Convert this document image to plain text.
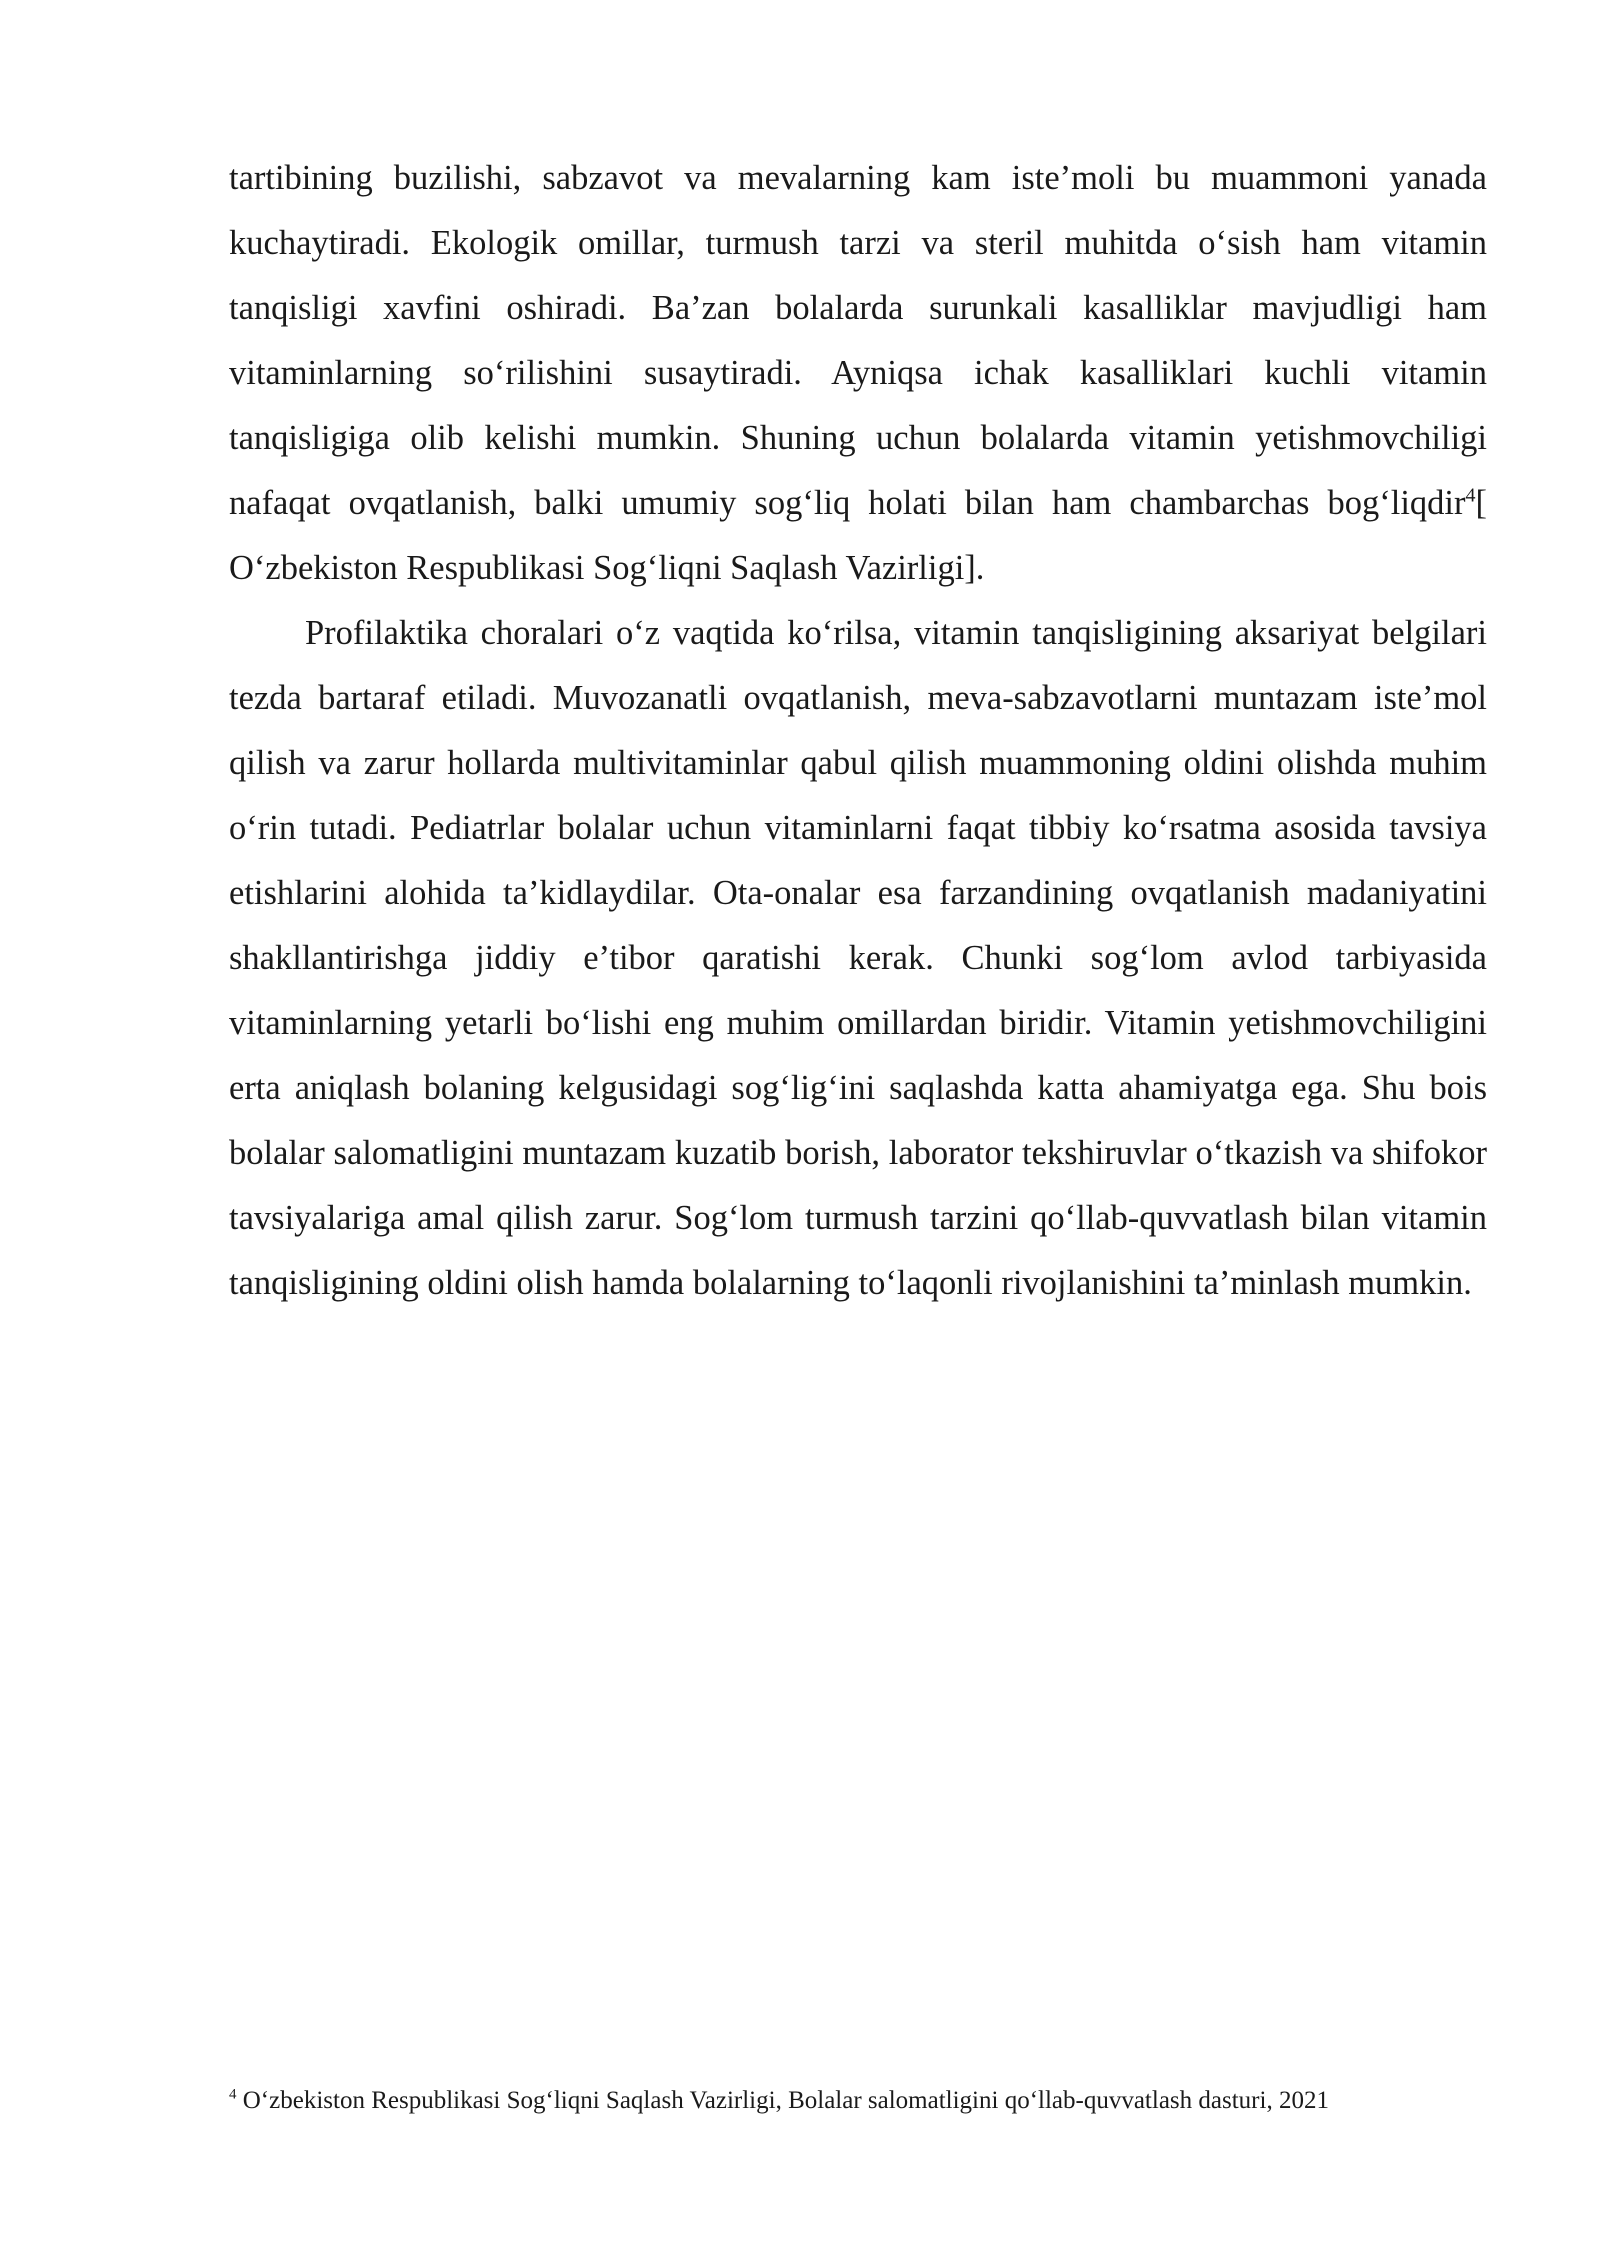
tartibining buzilishi, sabzavot va mevalarning kam iste’moli bu muammoni yanada kuchaytiradi. Ekologik omillar, turmush tarzi va steril muhitda o‘sish ham vitamin tanqisligi xavfini oshiradi. Ba’zan bolalarda surunkali kasalliklar mavjudligi ham vitaminlarning so‘rilishini susaytiradi. Ayniqsa ichak kasalliklari kuchli vitamin tanqisligiga olib kelishi mumkin. Shuning uchun bolalarda vitamin yetishmovchiligi nafaqat ovqatlanish, balki umumiy sog‘liq holati bilan ham chambarchas bog‘liqdir$^4$[ O‘zbekiston Respublikasi Sog‘liqni Saqlash Vazirligi].

Profilaktika choralari o‘z vaqtida ko‘rilsa, vitamin tanqisligining aksariyat belgilari tezda bartaraf etiladi. Muvozanatli ovqatlanish, meva-sabzavotlarni muntazam iste’mol qilish va zarur hollarda multivitaminlar qabul qilish muammoning oldini olishda muhim o‘rin tutadi. Pediatrlar bolalar uchun vitaminlarni faqat tibbiy ko‘rsatma asosida tavsiya etishlarini alohida ta’kidlaydilar. Ota-onalar esa farzandining ovqatlanish madaniyatini shakllantirishga jiddiy e’tibor qaratishi kerak. Chunki sog‘lom avlod tarbiyasida vitaminlarning yetarli bo‘lishi eng muhim omillardan biridir. Vitamin yetishmovchiligini erta aniqlash bolaning kelgusidagi sog‘lig‘ini saqlashda katta ahamiyatga ega. Shu bois bolalar salomatligini muntazam kuzatib borish, laborator tekshiruvlar o‘tkazish va shifokor tavsiyalariga amal qilish zarur. Sog‘lom turmush tarzini qo‘llab-quvvatlash bilan vitamin tanqisligining oldini olish hamda bolalarning to‘laqonli rivojlanishini ta’minlash mumkin.

$^4$ O‘zbekiston Respublikasi Sog‘liqni Saqlash Vazirligi, Bolalar salomatligini qo‘llab-quvvatlash dasturi, 2021
